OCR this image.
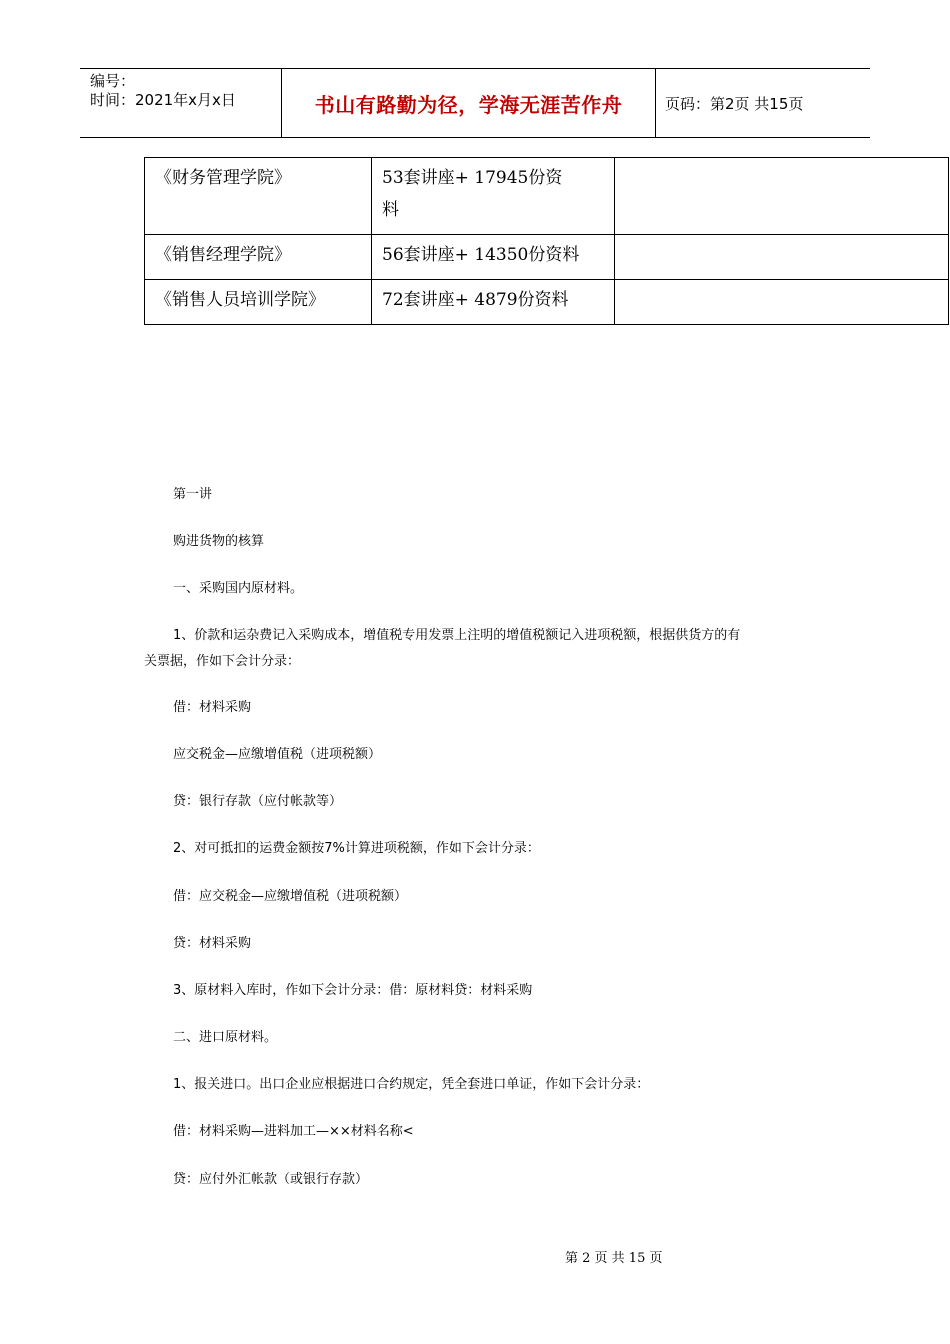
编号：
时间：2021年x月x日	书山有路勤为径，学海无涯苦作舟	页码：第2页 共15页
《财务管理学院》	53套讲座+ 17945份资
料	

《销售经理学院》	56套讲座+ 14350份资料	
《销售人员培训学院》	72套讲座+ 4879份资料	
第一讲
购进货物的核算
一、采购国内原材料。
1、价款和运杂费记入采购成本，增值税专用发票上注明的增值税额记入进项税额，根据供货方的有
关票据，作如下会计分录：
借：材料采购
应交税金—应缴增值税（进项税额）
贷：银行存款（应付帐款等）
2、对可抵扣的运费金额按7%计算进项税额，作如下会计分录：
借：应交税金—应缴增值税（进项税额）
贷：材料采购
3、原材料入库时，作如下会计分录：借：原材料贷：材料采购
二、进口原材料。
1、报关进口。出口企业应根据进口合约规定，凭全套进口单证，作如下会计分录：
借：材料采购—进料加工—××材料名称<
贷：应付外汇帐款（或银行存款）
第 2 页 共 15 页
